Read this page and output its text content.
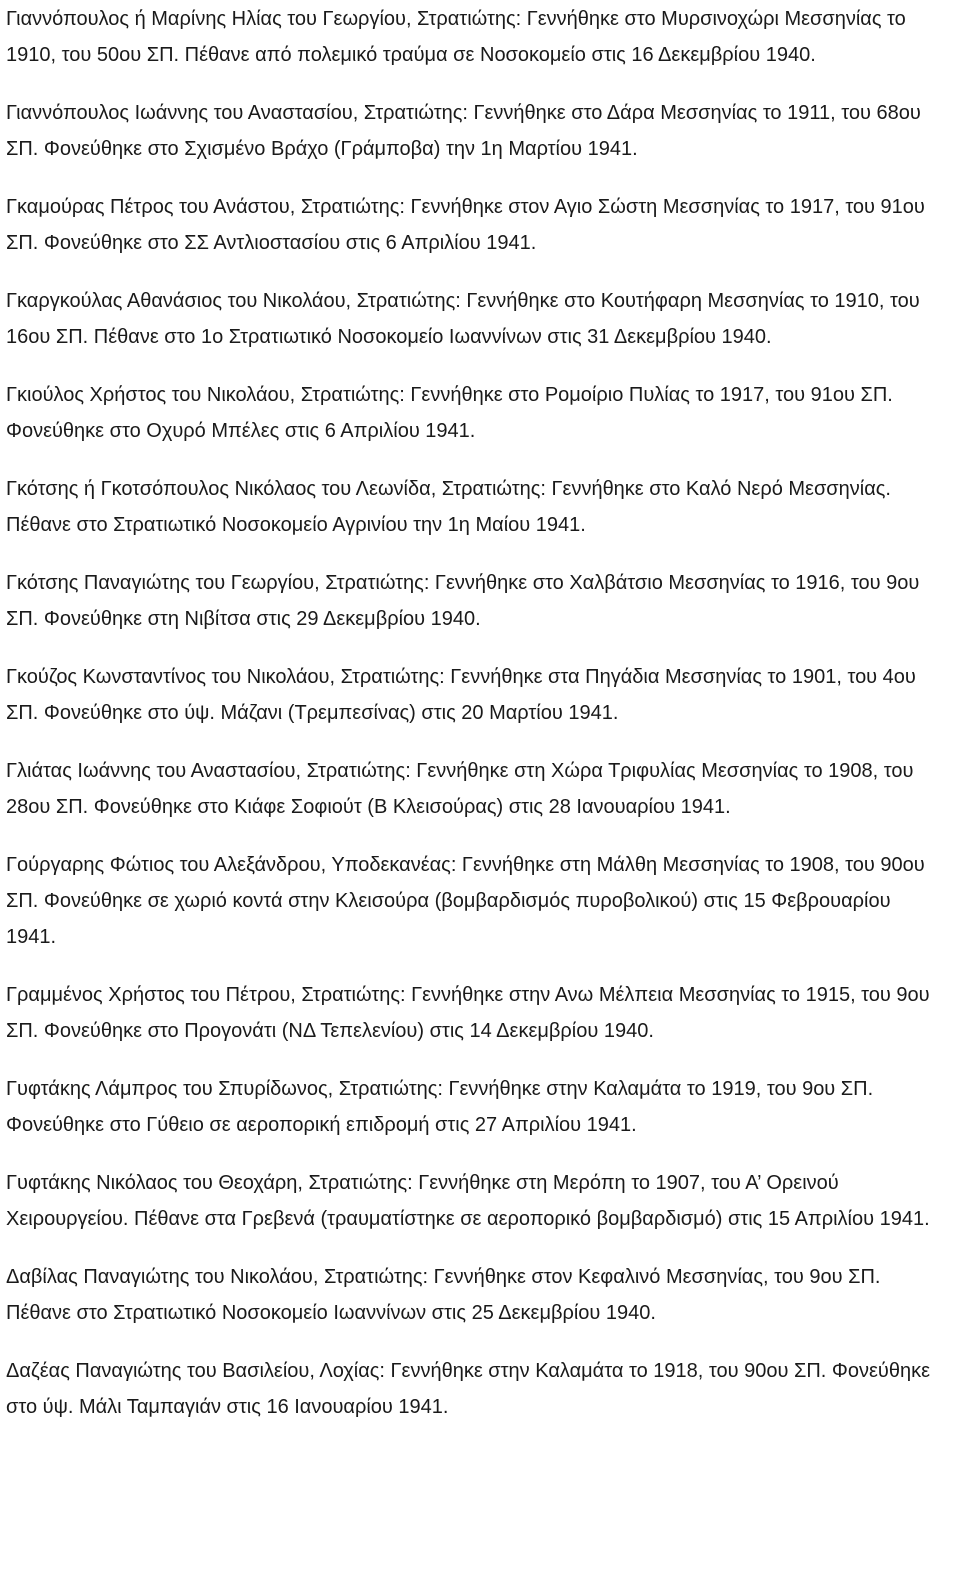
Γιαννόπουλος ή Μαρίνης Ηλίας του Γεωργίου, Στρατιώτης: Γεννήθηκε στο Μυρσινοχώρι Μεσσηνίας το 1910, του 50ου ΣΠ. Πέθανε από πολεμικό τραύμα σε Νοσοκομείο στις 16 Δεκεμβρίου 1940.

Γιαννόπουλος Ιωάννης του Αναστασίου, Στρατιώτης: Γεννήθηκε στο Δάρα Μεσσηνίας το 1911, του 68ου ΣΠ. Φονεύθηκε στο Σχισμένο Βράχο (Γράμποβα) την 1η Μαρτίου 1941.

Γκαμούρας Πέτρος του Ανάστου, Στρατιώτης: Γεννήθηκε στον Αγιο Σώστη Μεσσηνίας το 1917, του 91ου ΣΠ. Φονεύθηκε στο ΣΣ Αντλιοστασίου στις 6 Απριλίου 1941.

Γκαργκούλας Αθανάσιος του Νικολάου, Στρατιώτης: Γεννήθηκε στο Κουτήφαρη Μεσσηνίας το 1910, του 16ου ΣΠ. Πέθανε στο 1ο Στρατιωτικό Νοσοκομείο Ιωαννίνων στις 31 Δεκεμβρίου 1940.

Γκιούλος Χρήστος του Νικολάου, Στρατιώτης: Γεννήθηκε στο Ρομοίριο Πυλίας το 1917, του 91ου ΣΠ. Φονεύθηκε στο Οχυρό Μπέλες στις 6 Απριλίου 1941.

Γκότσης ή Γκοτσόπουλος Νικόλαος του Λεωνίδα, Στρατιώτης: Γεννήθηκε στο Καλό Νερό Μεσσηνίας. Πέθανε στο Στρατιωτικό Νοσοκομείο Αγρινίου την 1η Μαίου 1941.

Γκότσης Παναγιώτης του Γεωργίου, Στρατιώτης: Γεννήθηκε στο Χαλβάτσιο Μεσσηνίας το 1916, του 9ου ΣΠ. Φονεύθηκε στη Νιβίτσα στις 29 Δεκεμβρίου 1940.

Γκούζος Κωνσταντίνος του Νικολάου, Στρατιώτης: Γεννήθηκε στα Πηγάδια Μεσσηνίας το 1901, του 4ου ΣΠ. Φονεύθηκε στο ύψ. Μάζανι (Τρεμπεσίνας) στις 20 Μαρτίου 1941.

Γλιάτας Ιωάννης του Αναστασίου, Στρατιώτης: Γεννήθηκε στη Χώρα Τριφυλίας Μεσσηνίας το 1908, του 28ου ΣΠ. Φονεύθηκε στο Κιάφε Σοφιούτ (Β Κλεισούρας) στις 28 Ιανουαρίου 1941.

Γούργαρης Φώτιος του Αλεξάνδρου, Υποδεκανέας: Γεννήθηκε στη Μάλθη Μεσσηνίας το 1908, του 90ου ΣΠ. Φονεύθηκε σε χωριό κοντά στην Κλεισούρα (βομβαρδισμός πυροβολικού) στις 15 Φεβρουαρίου 1941.

Γραμμένος Χρήστος του Πέτρου, Στρατιώτης: Γεννήθηκε στην Ανω Μέλπεια Μεσσηνίας το 1915, του 9ου ΣΠ. Φονεύθηκε στο Προγονάτι (ΝΔ Τεπελενίου) στις 14 Δεκεμβρίου 1940.

Γυφτάκης Λάμπρος του Σπυρίδωνος, Στρατιώτης: Γεννήθηκε στην Καλαμάτα το 1919, του 9ου ΣΠ. Φονεύθηκε στο Γύθειο σε αεροπορική επιδρομή στις 27 Απριλίου 1941.

Γυφτάκης Νικόλαος του Θεοχάρη, Στρατιώτης: Γεννήθηκε στη Μερόπη το 1907, του Α’ Ορεινού Χειρουργείου. Πέθανε στα Γρεβενά (τραυματίστηκε σε αεροπορικό βομβαρδισμό) στις 15 Απριλίου 1941.

Δαβίλας Παναγιώτης του Νικολάου, Στρατιώτης: Γεννήθηκε στον Κεφαλινό Μεσσηνίας, του 9ου ΣΠ. Πέθανε στο Στρατιωτικό Νοσοκομείο Ιωαννίνων στις 25 Δεκεμβρίου 1940.

Δαζέας Παναγιώτης του Βασιλείου, Λοχίας: Γεννήθηκε στην Καλαμάτα το 1918, του 90ου ΣΠ. Φονεύθηκε στο ύψ. Μάλι Ταμπαγιάν στις 16 Ιανουαρίου 1941.
